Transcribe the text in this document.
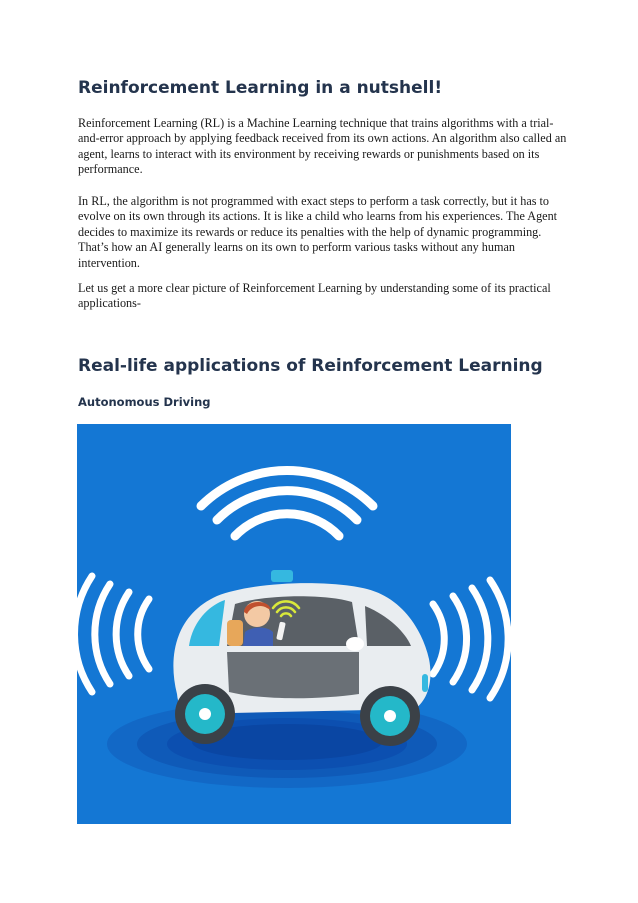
Reinforcement Learning in a nutshell!

Reinforcement Learning (RL) is a Machine Learning technique that trains algorithms with a trial-and-error approach by applying feedback received from its own actions. An algorithm also called an agent, learns to interact with its environment by receiving rewards or punishments based on its performance.

In RL, the algorithm is not programmed with exact steps to perform a task correctly, but it has to evolve on its own through its actions. It is like a child who learns from his experiences. The Agent decides to maximize its rewards or reduce its penalties with the help of dynamic programming. That’s how an AI generally learns on its own to perform various tasks without any human intervention.

Let us get a more clear picture of Reinforcement Learning by understanding some of its practical applications-

Real-life applications of Reinforcement Learning
Autonomous Driving
